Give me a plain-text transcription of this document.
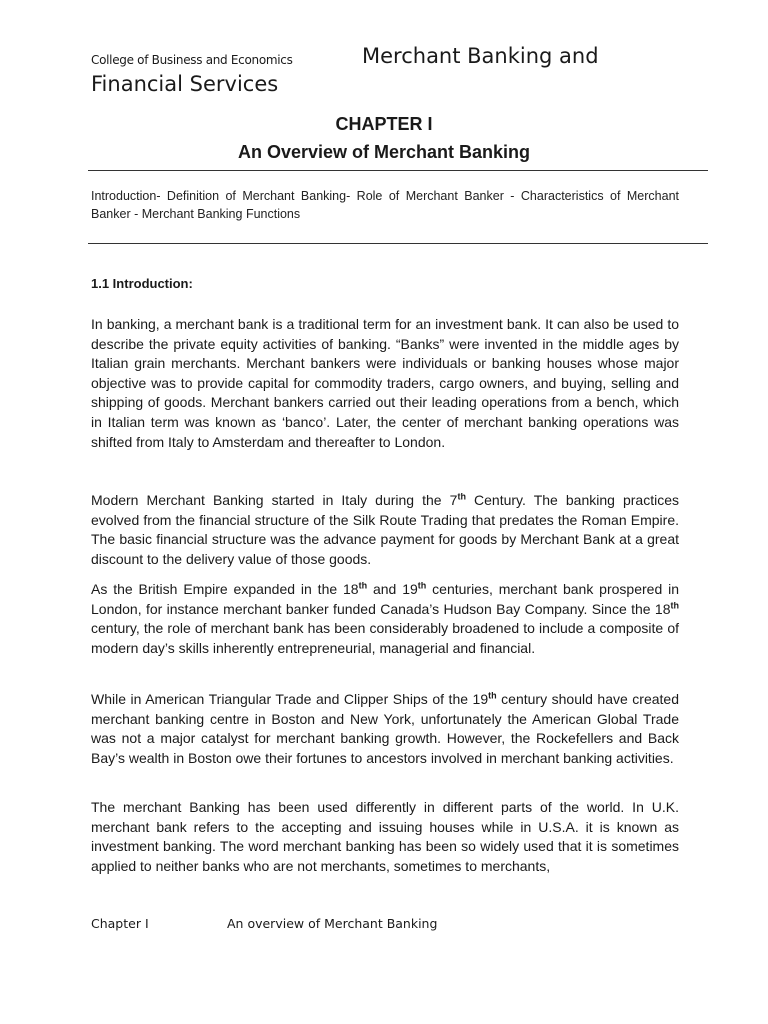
College of Business and Economics	Merchant Banking and
Financial Services
CHAPTER I
An Overview of Merchant Banking
Introduction- Definition of Merchant Banking- Role of Merchant Banker - Characteristics of Merchant Banker - Merchant Banking Functions
1.1 Introduction:
In banking, a merchant bank is a traditional term for an investment bank. It can also be used to describe the private equity activities of banking. “Banks” were invented in the middle ages by Italian grain merchants. Merchant bankers were individuals or banking houses whose major objective was to provide capital for commodity traders, cargo owners, and buying, selling and shipping of goods. Merchant bankers carried out their leading operations from a bench, which in Italian term was known as ‘banco’. Later, the center of merchant banking operations was shifted from Italy to Amsterdam and thereafter to London.
Modern Merchant Banking started in Italy during the 7th Century. The banking practices evolved from the financial structure of the Silk Route Trading that predates the Roman Empire. The basic financial structure was the advance payment for goods by Merchant Bank at a great discount to the delivery value of those goods.
As the British Empire expanded in the 18th and 19th centuries, merchant bank prospered in London, for instance merchant banker funded Canada’s Hudson Bay Company. Since the 18th century, the role of merchant bank has been considerably broadened to include a composite of modern day’s skills inherently entrepreneurial, managerial and financial.
While in American Triangular Trade and Clipper Ships of the 19th century should have created merchant banking centre in Boston and New York, unfortunately the American Global Trade was not a major catalyst for merchant banking growth. However, the Rockefellers and Back Bay’s wealth in Boston owe their fortunes to ancestors involved in merchant banking activities.
The merchant Banking has been used differently in different parts of the world. In U.K. merchant bank refers to the accepting and issuing houses while in U.S.A. it is known as investment banking. The word merchant banking has been so widely used that it is sometimes applied to neither banks who are not merchants, sometimes to merchants,
Chapter I	An overview of Merchant Banking
